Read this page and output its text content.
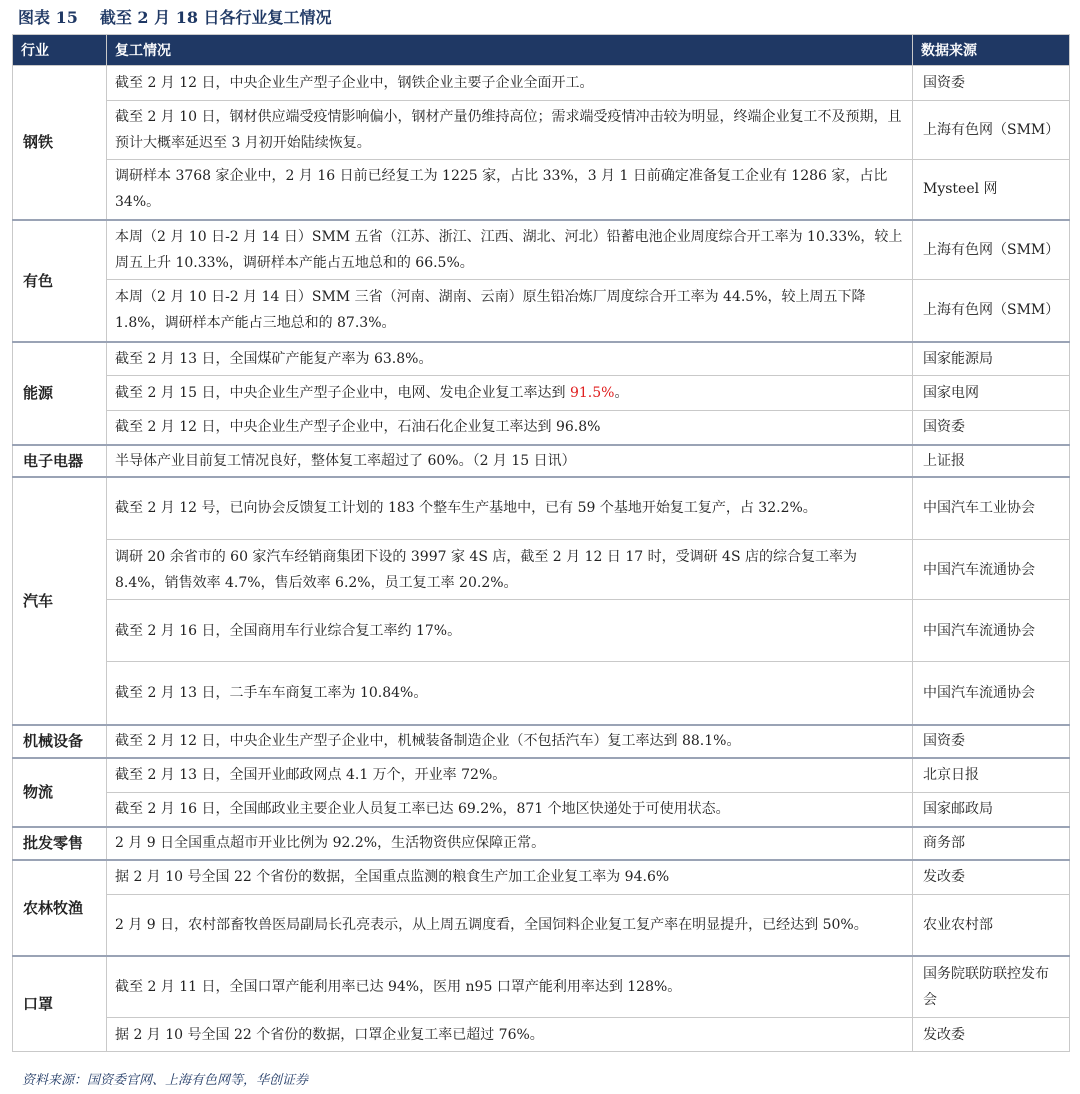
图表 15 截至 2 月 18 日各行业复工情况
行业	复工情况	数据来源
钢铁	截至 2 月 12 日，中央企业生产型子企业中，钢铁企业主要子企业全面开工。	国资委
	截至 2 月 10 日，钢材供应端受疫情影响偏小，钢材产量仍维持高位；需求端受疫情冲击较为明显，终端企业复工不及预期，且预计大概率延迟至 3 月初开始陆续恢复。	上海有色网（SMM）
	调研样本 3768 家企业中，2 月 16 日前已经复工为 1225 家，占比 33%，3 月 1 日前确定准备复工企业有 1286 家，占比 34%。	Mysteel 网
有色	本周（2 月 10 日-2 月 14 日）SMM 五省（江苏、浙江、江西、湖北、河北）铅蓄电池企业周度综合开工率为 10.33%，较上周五上升 10.33%，调研样本产能占五地总和的 66.5%。	上海有色网（SMM）
	本周（2 月 10 日-2 月 14 日）SMM 三省（河南、湖南、云南）原生铅冶炼厂周度综合开工率为 44.5%，较上周五下降 1.8%，调研样本产能占三地总和的 87.3%。	上海有色网（SMM）
能源	截至 2 月 13 日，全国煤矿产能复产率为 63.8%。	国家能源局
	截至 2 月 15 日，中央企业生产型子企业中，电网、发电企业复工率达到 91.5%。	国家电网
	截至 2 月 12 日，中央企业生产型子企业中，石油石化企业复工率达到 96.8%	国资委
电子电器	半导体产业目前复工情况良好，整体复工率超过了 60%。（2 月 15 日讯）	上证报
汽车	截至 2 月 12 号，已向协会反馈复工计划的 183 个整车生产基地中，已有 59 个基地开始复工复产，占 32.2%。	中国汽车工业协会
	调研 20 余省市的 60 家汽车经销商集团下设的 3997 家 4S 店，截至 2 月 12 日 17 时，受调研 4S 店的综合复工率为 8.4%，销售效率 4.7%，售后效率 6.2%，员工复工率 20.2%。	中国汽车流通协会
	截至 2 月 16 日，全国商用车行业综合复工率约 17%。	中国汽车流通协会
	截至 2 月 13 日，二手车车商复工率为 10.84%。	中国汽车流通协会
机械设备	截至 2 月 12 日，中央企业生产型子企业中，机械装备制造企业（不包括汽车）复工率达到 88.1%。	国资委
物流	截至 2 月 13 日，全国开业邮政网点 4.1 万个，开业率 72%。	北京日报
	截至 2 月 16 日，全国邮政业主要企业人员复工率已达 69.2%，871 个地区快递处于可使用状态。	国家邮政局
批发零售	2 月 9 日全国重点超市开业比例为 92.2%，生活物资供应保障正常。	商务部
农林牧渔	据 2 月 10 号全国 22 个省份的数据，全国重点监测的粮食生产加工企业复工率为 94.6%	发改委
	2 月 9 日，农村部畜牧兽医局副局长孔亮表示，从上周五调度看，全国饲料企业复工复产率在明显提升，已经达到 50%。	农业农村部
口罩	截至 2 月 11 日，全国口罩产能利用率已达 94%，医用 n95 口罩产能利用率达到 128%。	国务院联防联控发布会
	据 2 月 10 号全国 22 个省份的数据，口罩企业复工率已超过 76%。	发改委
资料来源：国资委官网、上海有色网等，华创证券
